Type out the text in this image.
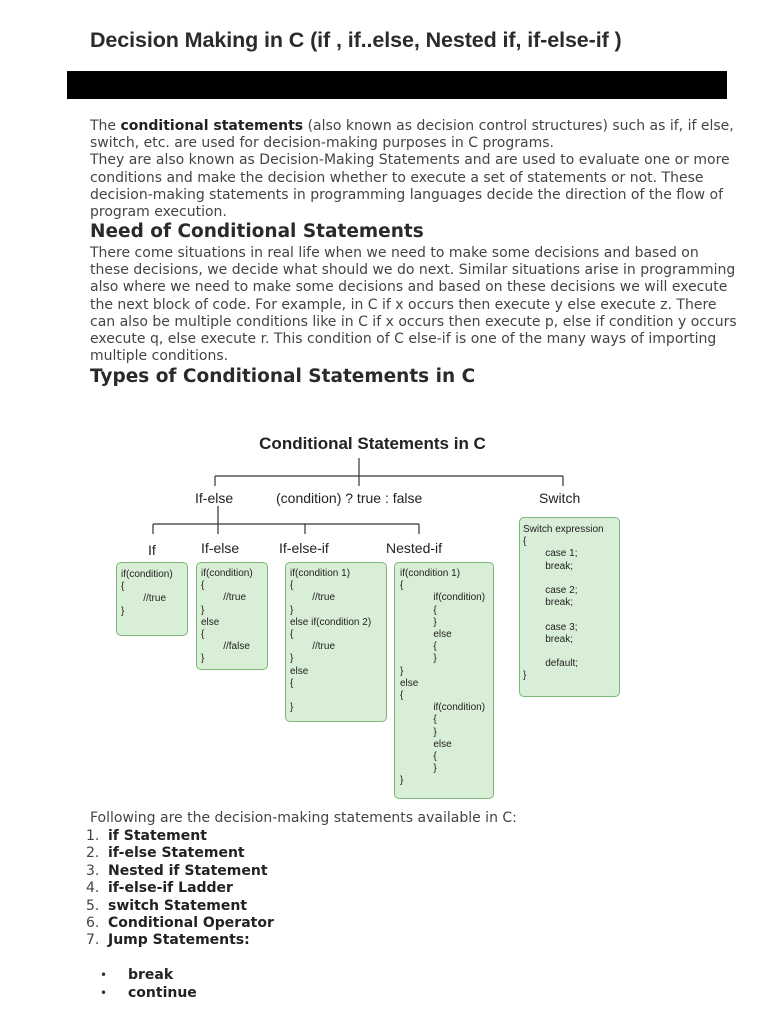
Decision Making in C (if , if..else, Nested if, if-else-if )

The conditional statements (also known as decision control structures) such as if, if else, switch, etc. are used for decision-making purposes in C programs.

They are also known as Decision-Making Statements and are used to evaluate one or more conditions and make the decision whether to execute a set of statements or not. These decision-making statements in programming languages decide the direction of the flow of program execution.

Need of Conditional Statements

There come situations in real life when we need to make some decisions and based on these decisions, we decide what should we do next. Similar situations arise in programming also where we need to make some decisions and based on these decisions we will execute the next block of code. For example, in C if x occurs then execute y else execute z. There can also be multiple conditions like in C if x occurs then execute p, else if condition y occurs execute q, else execute r. This condition of C else-if is one of the many ways of importing multiple conditions.

Types of Conditional Statements in C
Conditional Statements in C
If-else	(condition) ? true : false	Switch
If	If-else	If-else-if	Nested-if
if(condition)
{
//true
}
if(condition)
{
//true
}
else
{
//false
}
if(condition 1)
{
//true
}
else if(condition 2)
{
//true
}
else
{

}
if(condition 1)
{
if(condition)
{
}
else
{
}
}
else
{
if(condition)
{
}
else
{
}
}
Switch expression
{
case 1;
break;

case 2;
break;

case 3;
break;

default;
}
Following are the decision-making statements available in C:
1. if Statement
2. if-else Statement
3. Nested if Statement
4. if-else-if Ladder
5. switch Statement
6. Conditional Operator
7. Jump Statements:
• break
• continue
